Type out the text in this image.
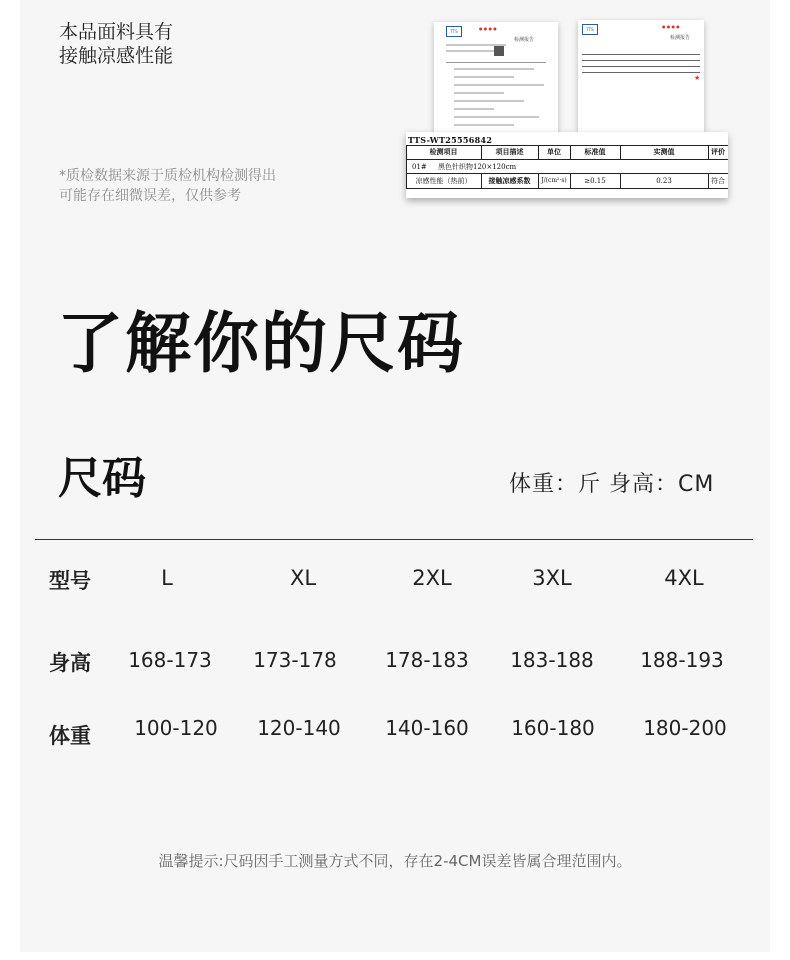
本品面料具有
接触凉感性能
*质检数据来源于质检机构检测得出
可能存在细微误差，仅供参考
TTS
● ● ● ●
检测报告
TTS
● ● ● ●
检测报告
★
TTS-WT25556842
检测项目	项目描述	单位	标准值	实测值	评价
01# 黑色针织物120×120cm
凉感性能（热前）	接触凉感系数	J/(cm²·s)	≥0.15	0.23	符合
了解你的尺码
尺码	体重：斤 身高：CM
型号	L	XL	2XL	3XL	4XL
身高	168-173	173-178	178-183	183-188	188-193
体重	100-120	120-140	140-160	160-180	180-200
温馨提示:尺码因手工测量方式不同，存在2-4CM误差皆属合理范围内。
